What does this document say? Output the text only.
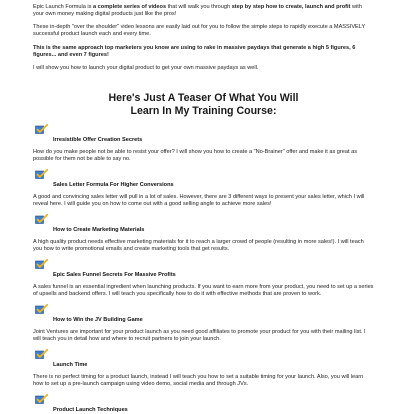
Epic Launch Formula is a complete series of videos that will walk you through step by step how to create, launch and profit with your own money making digital products just like the pros!

These in-depth "over the shoulder" video lessons are easily laid out for you to follow the simple steps to rapidly execute a MASSIVELY successful product launch each and every time.

This is the same approach top marketers you know are using to rake in massive paydays that generate a high 5 figures, 6 figures... and even 7 figures!

I will show you how to launch your digital product to get your own massive paydays as well.

Here's Just A Teaser Of What You Will
Learn In My Training Course:
Irresistible Offer Creation Secrets

How do you make people not be able to resist your offer? I will show you how to create a "No-Brainer" offer and make it as great as possible for them not be able to say no.

Sales Letter Formula For Higher Conversions

A good and convincing sales letter will pull in a lot of sales. However, there are 3 different ways to present your sales letter, which I will reveal here. I will guide you on how to come out with a good selling angle to achieve more sales!

How to Create Marketing Materials

A high quality product needs effective marketing materials for it to reach a larger crowd of people (resulting in more sales!). I will teach you how to write promotional emails and create marketing tools that get results.

Epic Sales Funnel Secrets For Massive Profits

A sales funnel is an essential ingredient when launching products. If you want to earn more from your product, you need to set up a series of upsells and backend offers. I will teach you specifically how to do it with effective methods that are proven to work.

How to Win the JV Building Game

Joint Ventures are important for your product launch as you need good affiliates to promote your product for you with their mailing list. I will teach you in detail how and where to recruit partners to join your launch.

Launch Time

There is no perfect timing for a product launch, instead I will teach you how to set a suitable timing for your launch. Also, you will learn how to set up a pre-launch campaign using video demo, social media and through JVs.

Product Launch Techniques
